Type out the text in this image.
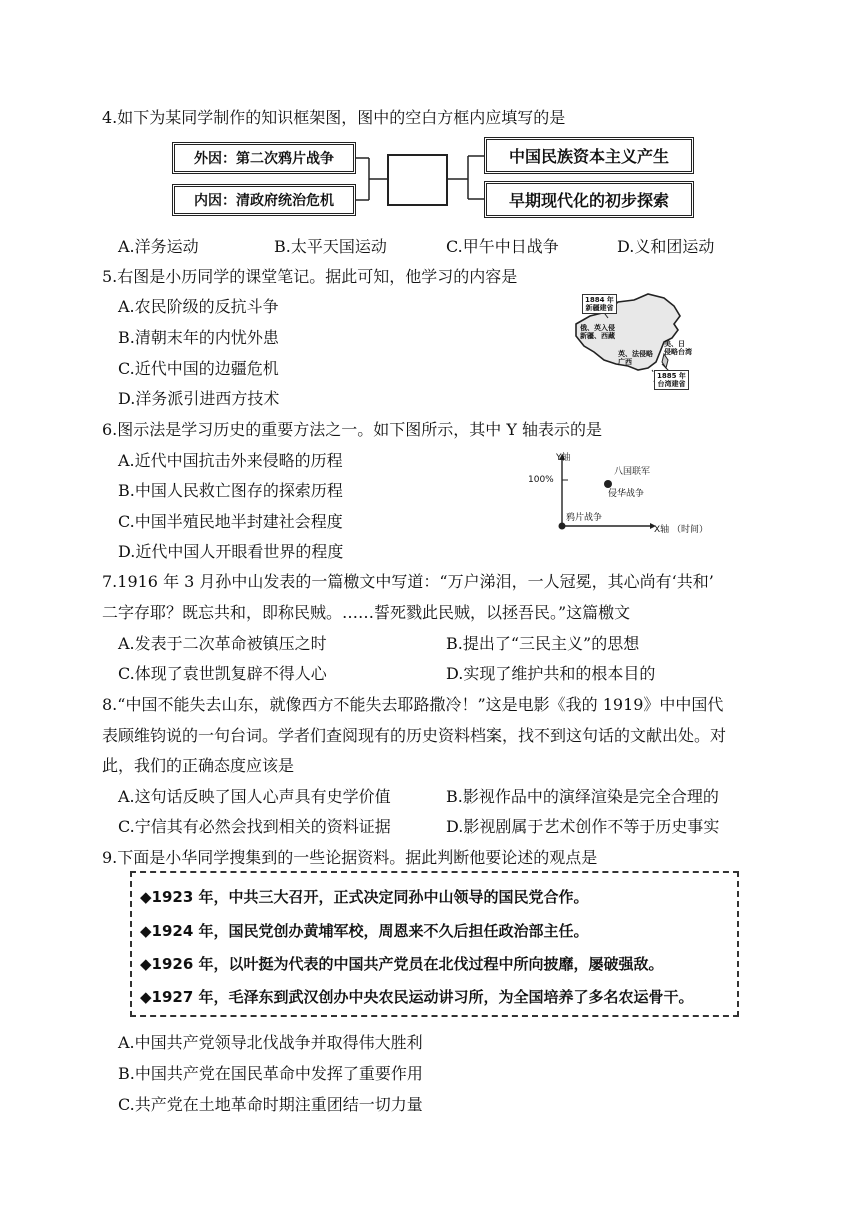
4.如下为某同学制作的知识框架图，图中的空白方框内应填写的是
外因：第二次鸦片战争
内因：清政府统治危机
中国民族资本主义产生
早期现代化的初步探索
A.洋务运动	B.太平天国运动	C.甲午中日战争	D.义和团运动
5.右图是小历同学的课堂笔记。据此可知，他学习的内容是
A.农民阶级的反抗斗争
B.清朝末年的内忧外患
C.近代中国的边疆危机
D.洋务派引进西方技术
1884 年
新疆建省
俄、英入侵
新疆、西藏
英、法侵略
广西
美、日
侵略台湾
1885 年
台湾建省
6.图示法是学习历史的重要方法之一。如下图所示，其中 Y 轴表示的是
A.近代中国抗击外来侵略的历程
B.中国人民救亡图存的探索历程
C.中国半殖民地半封建社会程度
D.近代中国人开眼看世界的程度
Y轴
100%
八国联军
侵华战争
鸦片战争
X轴 （时间）
7.1916 年 3 月孙中山发表的一篇檄文中写道：“万户涕泪，一人冠冕，其心尚有‘共和’
二字存耶？既忘共和，即称民贼。……誓死戮此民贼，以拯吾民。”这篇檄文
A.发表于二次革命被镇压之时	B.提出了“三民主义”的思想
C.体现了袁世凯复辟不得人心	D.实现了维护共和的根本目的
8.“中国不能失去山东，就像西方不能失去耶路撒冷！”这是电影《我的 1919》中中国代
表顾维钧说的一句台词。学者们查阅现有的历史资料档案，找不到这句话的文献出处。对
此，我们的正确态度应该是
A.这句话反映了国人心声具有史学价值	B.影视作品中的演绎渲染是完全合理的
C.宁信其有必然会找到相关的资料证据	D.影视剧属于艺术创作不等于历史事实
9.下面是小华同学搜集到的一些论据资料。据此判断他要论述的观点是
◆1923 年，中共三大召开，正式决定同孙中山领导的国民党合作。
◆1924 年，国民党创办黄埔军校，周恩来不久后担任政治部主任。
◆1926 年，以叶挺为代表的中国共产党员在北伐过程中所向披靡，屡破强敌。
◆1927 年，毛泽东到武汉创办中央农民运动讲习所，为全国培养了多名农运骨干。
A.中国共产党领导北伐战争并取得伟大胜利
B.中国共产党在国民革命中发挥了重要作用
C.共产党在土地革命时期注重团结一切力量
